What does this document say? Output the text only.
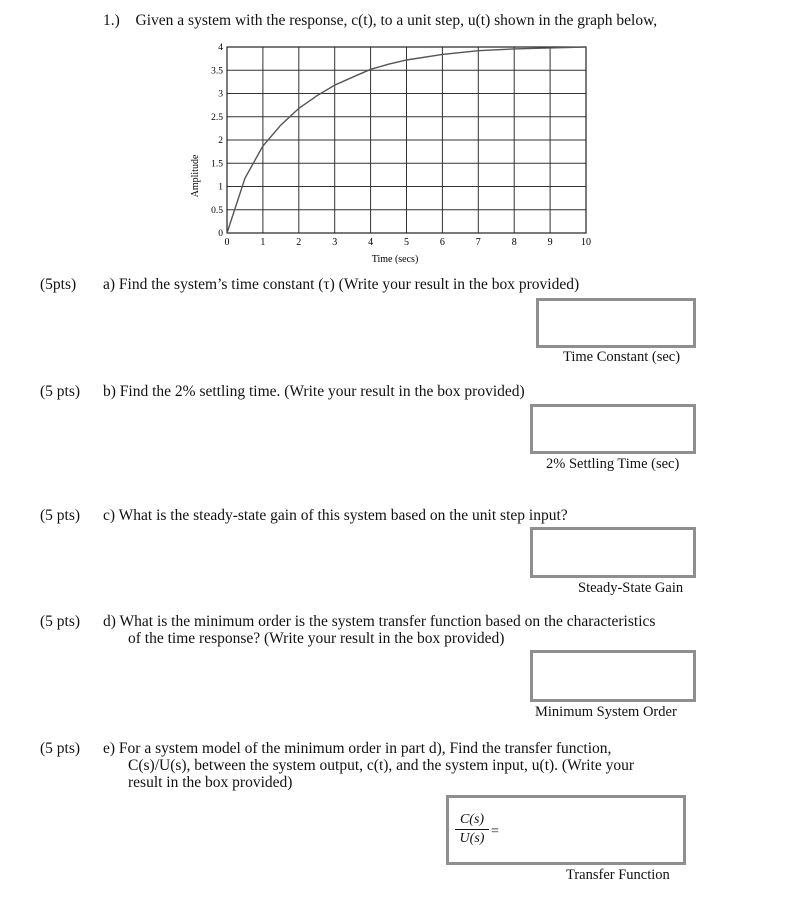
1.) Given a system with the response, c(t), to a unit step, u(t) shown in the graph below,
0	1	2	3	4	5	6	7	8	9	10
0
0.5
1
1.5
2
2.5
3
3.5
4
Time (secs)
Amplitude
(5pts) a) Find the system’s time constant (τ) (Write your result in the box provided)
Time Constant (sec)
(5 pts) b) Find the 2% settling time. (Write your result in the box provided)
2% Settling Time (sec)
(5 pts) c) What is the steady-state gain of this system based on the unit step input?
Steady-State Gain
(5 pts) d) What is the minimum order is the system transfer function based on the characteristics
of the time response? (Write your result in the box provided)
Minimum System Order
(5 pts) e) For a system model of the minimum order in part d), Find the transfer function,
C(s)/U(s), between the system output, c(t), and the system input, u(t). (Write your
result in the box provided)
C(s)
U(s) =
Transfer Function
